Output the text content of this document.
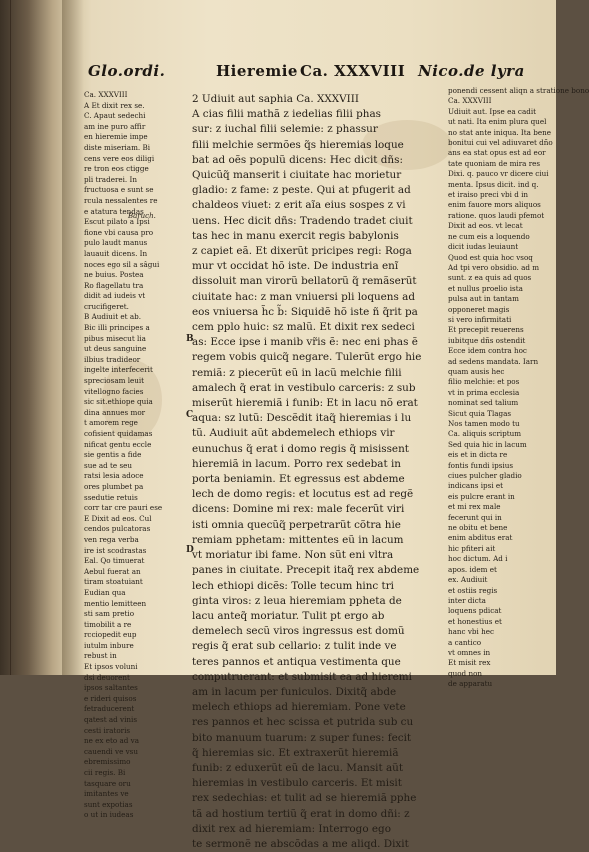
Glo.ordi.	Hieremie Ca. XXXVIII Nico.de lyra
Baruch.
B
C
D
Ca. XXXVIII
A Et dixit rex se.
C. Apaut sedechi
am ine puro affir
en hieremie impe
diste miseriam. Bi
cens vere eos diligi
re tron eos ctigge
pli traderei. In
fructuosa e sunt se
rcula nessalentes re
e atatura tendas
Escut pilato a Ipsi
fione vbi causa pro
pulo laudt manus
lauauit dicens. In
noces ego sil a sâgui
ne buius. Postea
Ro flagellatu tra
didit ad iudeis vt
crucifigeret.
B Audiuit et ab.
Bic illi principes a
pibus misecut lia
ut deus sanguine
ilbius tradideor
ingelte interfecerit
spreciosam leuit
vitellogno facies
sic sit.ethiope quia
dina annues mor
t amorem rege
cofisient quidamas
nificat gentu eccle
sie gentis a fide
sue ad te seu
ratsi lesia adoce
ores plumbet pa
ssedutie retuis
corr tar cre pauri ese
E Dixit ad eos. Cul
cendos pulcatoras
ven rega verba
ire ist scodrastas
Eal. Qo timuerat
Aebul fuerat an
tiram stoatuiant
Eudian qua
mentio lemitteen
sti sam pretio
timobilit a re
rcciopedit eup
iutulm inbure
rebust in
Et ipsos voluni
dsi deuorent
ipsos saltantes
e rideri quisos
fetraducerent
qatest ad vinis
cesti iratoris
ne ex eto ad va
cauendi ve vsu
ebremissimo
cii regis. Bi
tasquare oru
imitantes ve
sunt expotias
o ut in iudeas
2 Udiuit aut saphia Ca. XXXVIII
A cias filii mathã z iedelias filii phas
sur: z iuchal filii selemie: z phassur
filii melchie sermões q̃s hieremias loque
bat ad oẽs populũ dicens: Hec dicit dñs:
Quicũq̃ manserit i ciuitate hac morietur
gladio: z fame: z peste. Qui at pfugerit ad
chaldeos viuet: z erit aĩa eius sospes z vi
uens. Hec dicit dñs: Tradendo tradet ciuit
tas hec in manu exercit regis babylonis
z capiet eã. Et dixerũt pricipes regi: Roga
mur vt occidat hõ iste. De industria enĩ
dissoluit man virorũ bellatorũ q̃ remãserũt
ciuitate hac: z man vniuersi pli loquens ad
eos vniuersa h̃c b̃: Siquidẽ hõ iste ñ q̃rit pa
cem pplo huic: sz malũ. Et dixit rex sedeci
as: Ecce ipse i manib vr̃is ẽ: nec eni phas ẽ
regem vobis quicq̃ negare. Tulerũt ergo hie
remiã: z piecerũt eũ in lacũ melchie filii
amalech q̃ erat in vestibulo carceris: z sub
miserũt hieremiã i funib: Et in lacu nõ erat
aqua: sz lutũ: Descẽdit itaq̃ hieremias i lu
tũ. Audiuit aũt abdemelech ethiops vir
eunuchus q̃ erat i domo regis q̃ misissent
hieremiã in lacum. Porro rex sedebat in
porta beniamin. Et egressus est abdeme
lech de domo regis: et locutus est ad regẽ
dicens: Domine mi rex: male fecerũt viri
isti omnia quecũq̃ perpetrarũt cõtra hie
remiam pphetam: mittentes eũ in lacum
vt moriatur ibi fame. Non sũt eni vltra
panes in ciuitate. Precepit itaq̃ rex abdeme
lech ethiopi dicẽs: Tolle tecum hinc tri
ginta viros: z leua hieremiam ppheta de
lacu anteq̃ moriatur. Tulit pt ergo ab
demelech secũ viros ingressus est domũ
regis q̃ erat sub cellario: z tulit inde ve
teres pannos et antiqua vestimenta que
computruerant: et submisit ea ad hieremi
am in lacum per funiculos. Dixitq̃ abde
melech ethiops ad hieremiam. Pone vete
res pannos et hec scissa et putrida sub cu
bito manuum tuarum: z super funes: fecit
q̃ hieremias sic. Et extraxerũt hieremiã
funib: z eduxerũt eũ de lacu. Mansit aũt
hieremias in vestibulo carceris. Et misit
rex sedechias: et tulit ad se hieremiã pphe
tã ad hostium tertiũ q̃ erat in domo dñi: z
dixit rex ad hieremiam: Interrogo ego
te sermonẽ ne abscõdas a me aliqd. Dixit
ponendi cessent aliqn a stratione bono
Ca. XXXVIII
Udiuit aut. Ipse ea cadit
ut nati. Ita enim plura quel
no stat ante iniqua. Ita bene
bonitui cui vel adiuvaret dño
ans ea stat opus est ad eor
tate quoniam de mira res
Dixi. q. pauco vr dicere ciui
menta. Ipsus dicit. ind q.
et iraiso preci vbi d in
enim fauore mors aliquos
ratione. quos laudi pfemot
Dixit ad eos. vt lecat
ne cum eis a loquendo
dicit iudas leuiaunt
Quod est quia hoc vsoq
Ad tpi vero obsidio. ad m
sunt. z ea quis ad quos
et nullus proelio ista
pulsa aut in tantam
opponeret magis
si vero infirmitati
Et precepit reuerens
iubitque dñs ostendit
Ecce idem contra hoc
ad sedens mandata. Iarn
quam ausis hec
filio melchie: et pos
vt in prima ecclesia
nominat sed talium
Sicut quia Tlagas
Nos tamen modo tu
Ca. aliquis scriptum
Sed quia hic in lacum
eis et in dicta re
fontis fundi ipsius
ciues pulcher gladio
indicans ipsi et
eis pulcre erant in
et mi rex male
fecerunt qui in
ne obitu et bene
enim abditus erat
hic pfiteri ait
hoc dictum. Ad i
apos. idem et
ex. Audiuit
et ostiis regis
inter dicta
loquens pdicat
et honestius et
hanc vbi hec
a cantico
vt omnes in
Et misit rex
quod non
de apparatu
